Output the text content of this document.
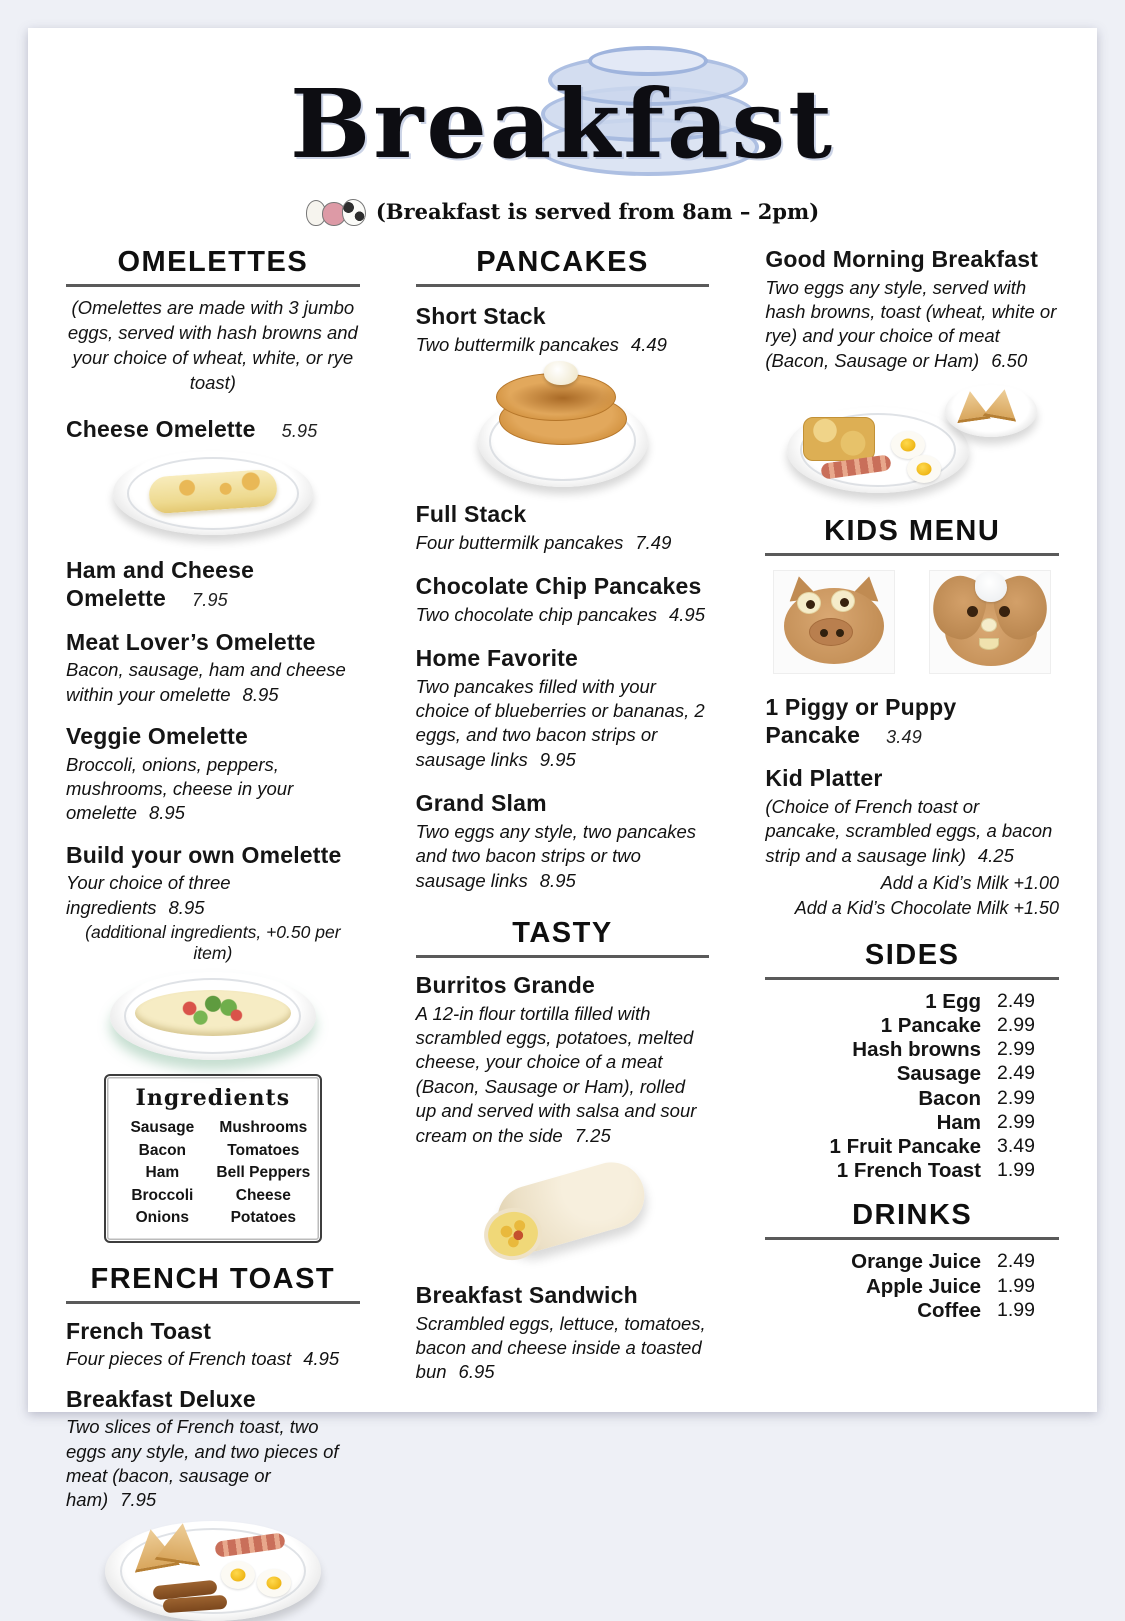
Breakfast
(Breakfast is served from 8am – 2pm)
OMELETTES
(Omelettes are made with 3 jumbo eggs, served with hash browns and your choice of wheat, white, or rye toast)
Cheese Omelette 5.95
Ham and Cheese Omelette 7.95
Meat Lover’s Omelette
Bacon, sausage, ham and cheese within your omelette 8.95
Veggie Omelette
Broccoli, onions, peppers, mushrooms, cheese in your omelette 8.95
Build your own Omelette
Your choice of three ingredients 8.95
(additional ingredients, +0.50 per item)
Ingredients
Sausage
Bacon
Ham
Broccoli
Onions
Mushrooms
Tomatoes
Bell Peppers
Cheese
Potatoes
FRENCH TOAST
French Toast
Four pieces of French toast 4.95
Breakfast Deluxe
Two slices of French toast, two eggs any style, and two pieces of meat (bacon, sausage or ham) 7.95
PANCAKES
Short Stack
Two buttermilk pancakes 4.49
Full Stack
Four buttermilk pancakes 7.49
Chocolate Chip Pancakes
Two chocolate chip pancakes 4.95
Home Favorite
Two pancakes filled with your choice of blueberries or bananas, 2 eggs, and two bacon strips or sausage links 9.95
Grand Slam
Two eggs any style, two pancakes and two bacon strips or two sausage links 8.95
TASTY
Burritos Grande
A 12-in flour tortilla filled with scrambled eggs, potatoes, melted cheese, your choice of a meat (Bacon, Sausage or Ham), rolled up and served with salsa and sour cream on the side 7.25
Breakfast Sandwich
Scrambled eggs, lettuce, tomatoes, bacon and cheese inside a toasted bun 6.95
Good Morning Breakfast
Two eggs any style, served with hash browns, toast (wheat, white or rye) and your choice of meat (Bacon, Sausage or Ham) 6.50
KIDS MENU
1 Piggy or Puppy Pancake 3.49
Kid Platter
(Choice of French toast or pancake, scrambled eggs, a bacon strip and a sausage link) 4.25
Add a Kid’s Milk +1.00
Add a Kid’s Chocolate Milk +1.50
SIDES
1 Egg 2.49
1 Pancake 2.99
Hash browns 2.99
Sausage 2.49
Bacon 2.99
Ham 2.99
1 Fruit Pancake 3.49
1 French Toast 1.99
DRINKS
Orange Juice 2.49
Apple Juice 1.99
Coffee 1.99
